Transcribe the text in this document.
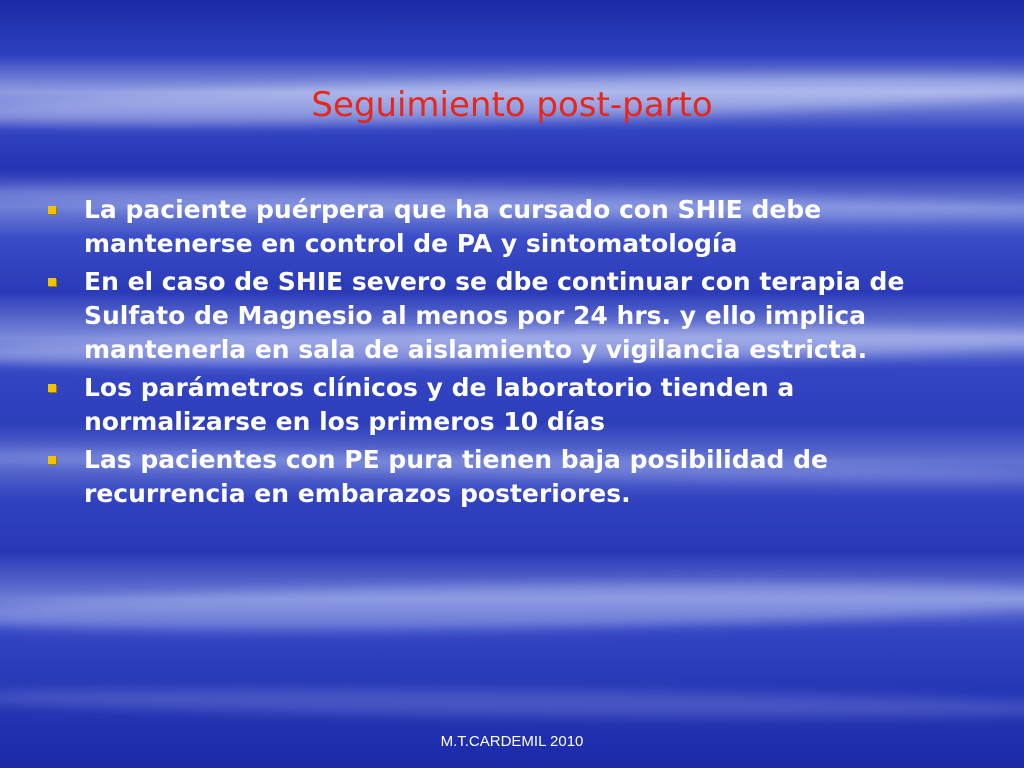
Seguimiento post-parto
La paciente puérpera que ha cursado con SHIE debe mantenerse en control de PA y sintomatología
En el caso de SHIE severo se dbe continuar con terapia de Sulfato de Magnesio al menos por 24 hrs. y ello implica mantenerla en sala de aislamiento y vigilancia estricta.
Los parámetros clínicos y de laboratorio tienden a normalizarse en los primeros 10 días
Las pacientes con PE pura tienen baja posibilidad de recurrencia en embarazos posteriores.
M.T.CARDEMIL 2010
